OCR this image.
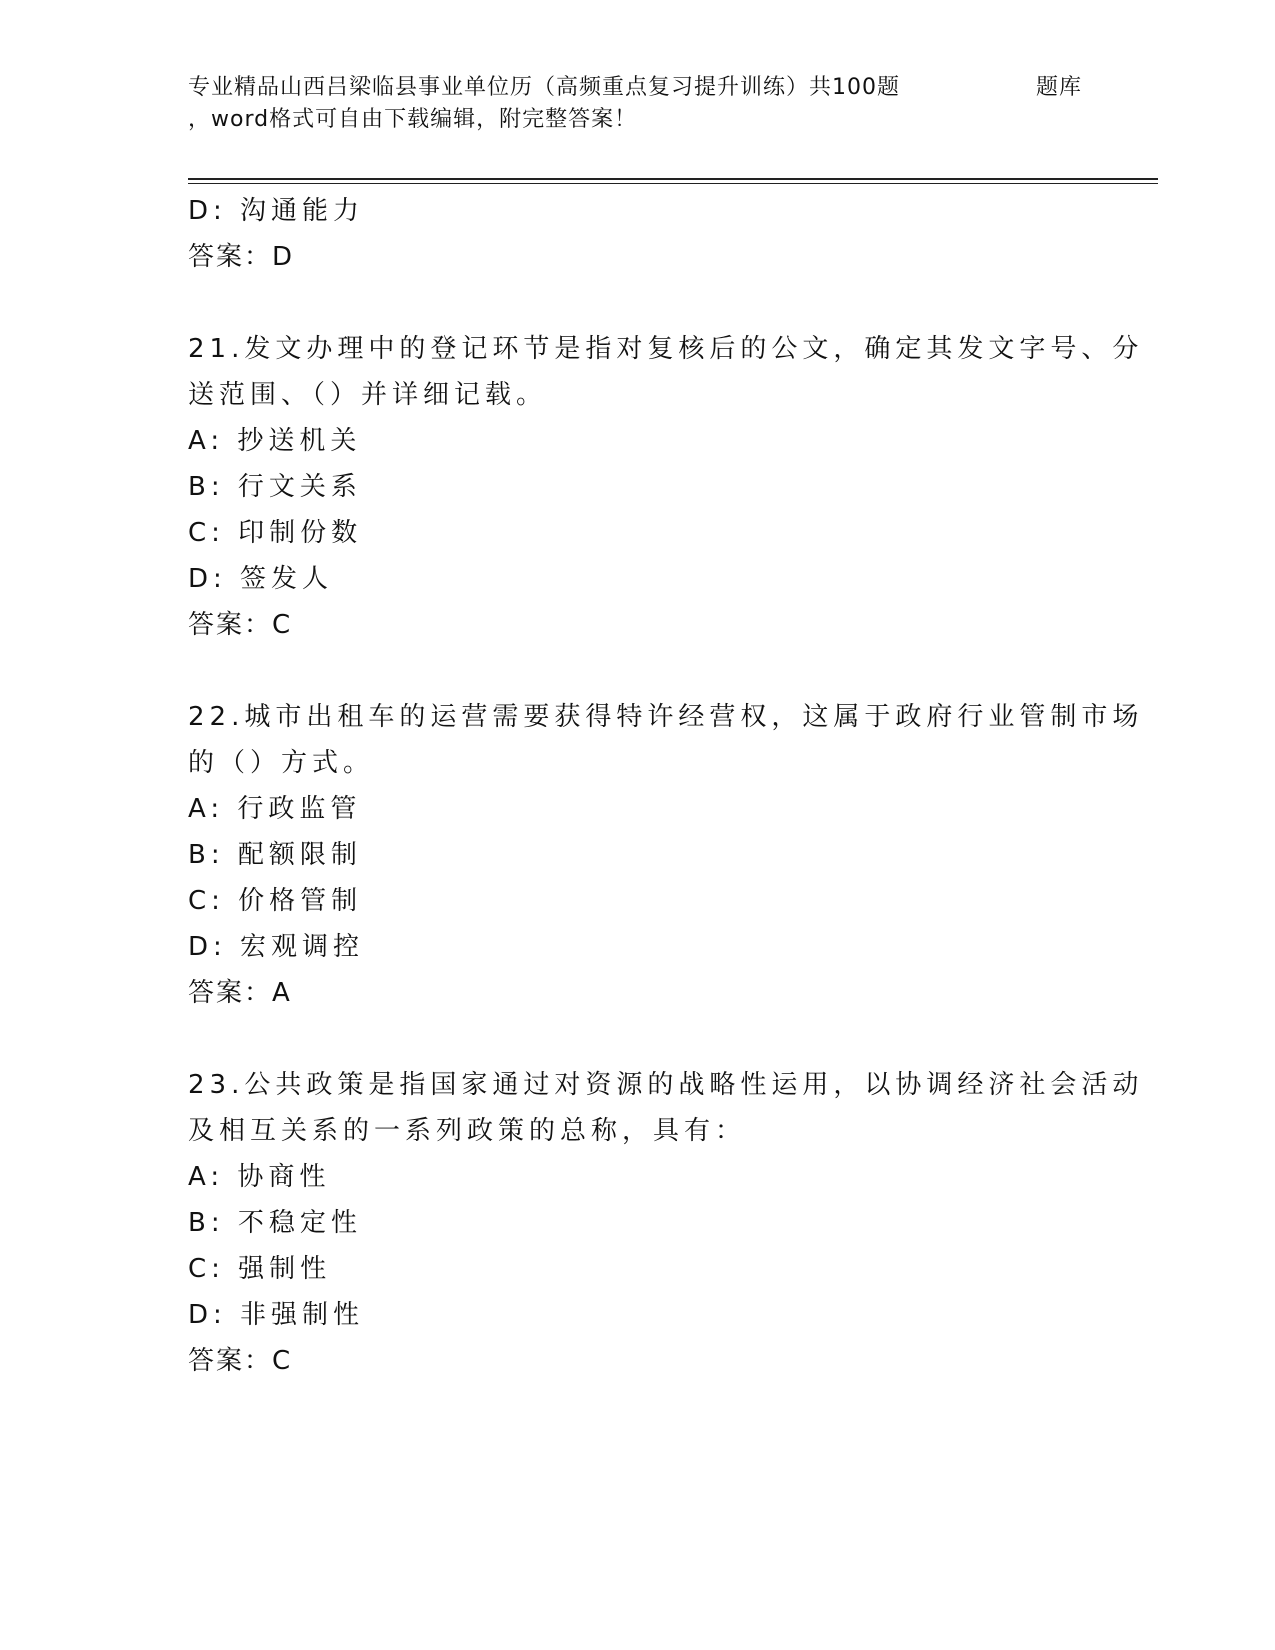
专业精品山西吕梁临县事业单位历（高频重点复习提升训练）共100题	题库
，word格式可自由下载编辑，附完整答案！
D: 沟通能力
答案：D
21.发文办理中的登记环节是指对复核后的公文，确定其发文字号、分
送范围、（）并详细记载。
A: 抄送机关
B: 行文关系
C: 印制份数
D: 签发人
答案：C
22.城市出租车的运营需要获得特许经营权，这属于政府行业管制市场
的（）方式。
A: 行政监管
B: 配额限制
C: 价格管制
D: 宏观调控
答案：A
23.公共政策是指国家通过对资源的战略性运用，以协调经济社会活动
及相互关系的一系列政策的总称，具有：
A: 协商性
B: 不稳定性
C: 强制性
D: 非强制性
答案：C
